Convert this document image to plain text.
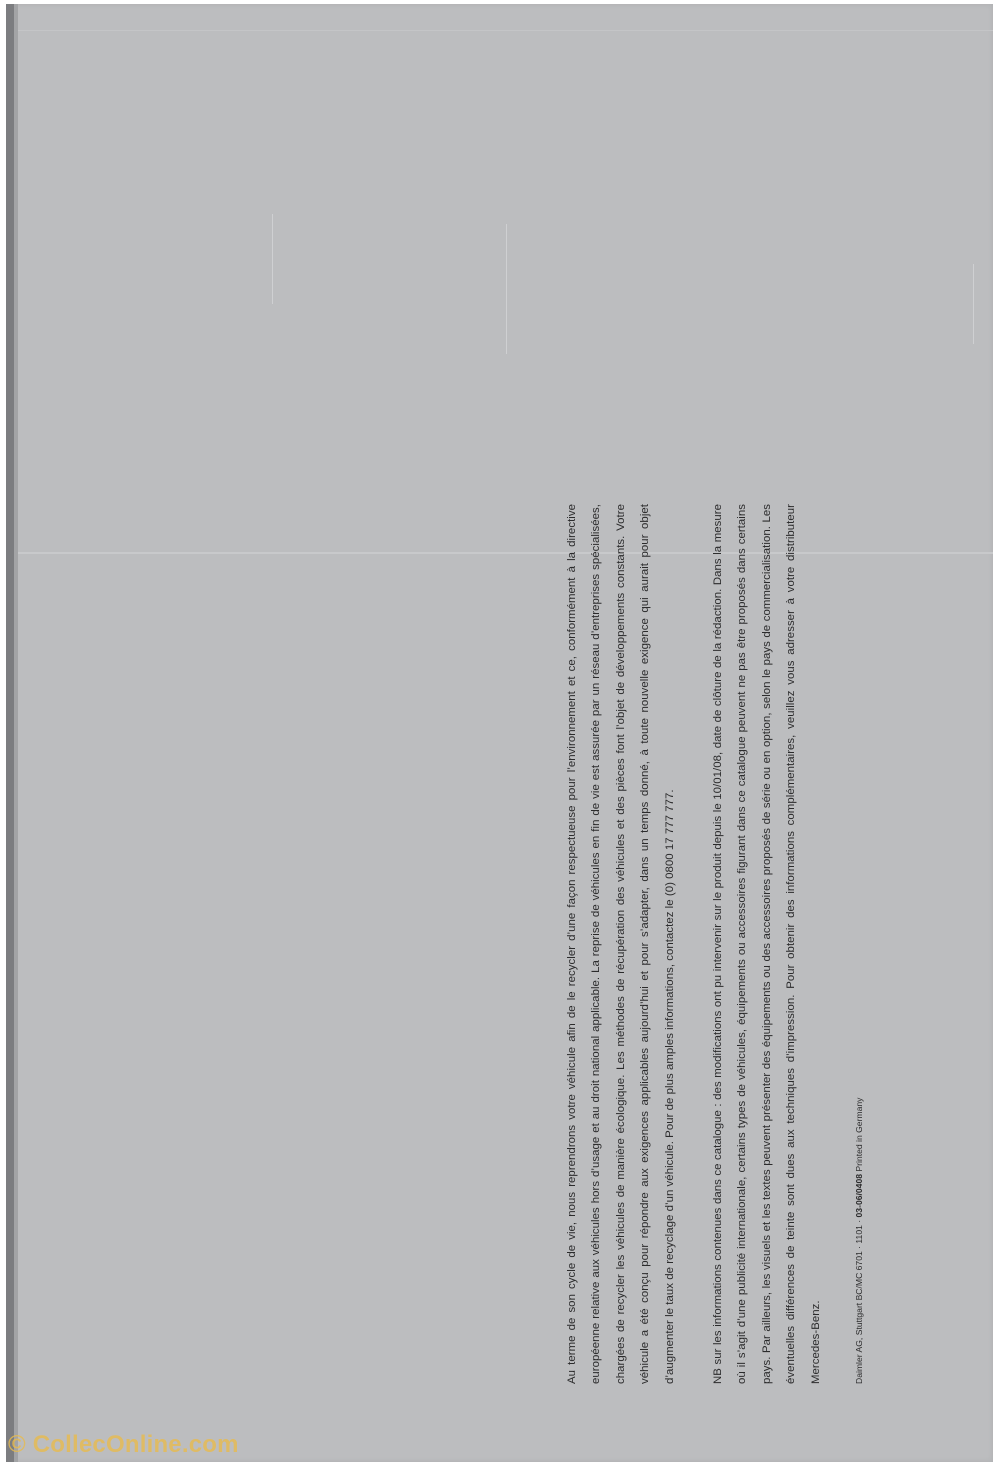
Au terme de son cycle de vie, nous reprendrons votre véhicule afin de le recycler d’une façon respectueuse pour l’environnement et ce, conformément à la directive européenne relative aux véhicules hors d’usage et au droit national applicable. La reprise de véhicules en fin de vie est assurée par un réseau d’entreprises spécialisées, chargées de recycler les véhicules de manière écologique. Les méthodes de récupération des véhicules et des pièces font l’objet de développements constants. Votre véhicule a été conçu pour répondre aux exigences applicables aujourd’hui et pour s’adapter, dans un temps donné, à toute nouvelle exigence qui aurait pour objet d’augmenter le taux de recyclage d’un véhicule. Pour de plus amples informations, contactez le (0) 0800 17 777 777.	NB sur les informations contenues dans ce catalogue : des modifications ont pu intervenir sur le produit depuis le 10/01/08, date de clôture de la rédaction. Dans la mesure où il s’agit d’une publicité internationale, certains types de véhicules, équipements ou accessoires figurant dans ce catalogue peuvent ne pas être proposés dans certains pays. Par ailleurs, les visuels et les textes peuvent présenter des équipements ou des accessoires proposés de série ou en option, selon le pays de commercialisation. Les éventuelles différences de teinte sont dues aux techniques d’impression. Pour obtenir des informations complémentaires, veuillez vous adresser à votre distributeur Mercedes-Benz.	Daimler AG, Stuttgart BC/MC 6701 · 1101 · 03-06/0408 Printed in Germany

© CollecOnline.com
